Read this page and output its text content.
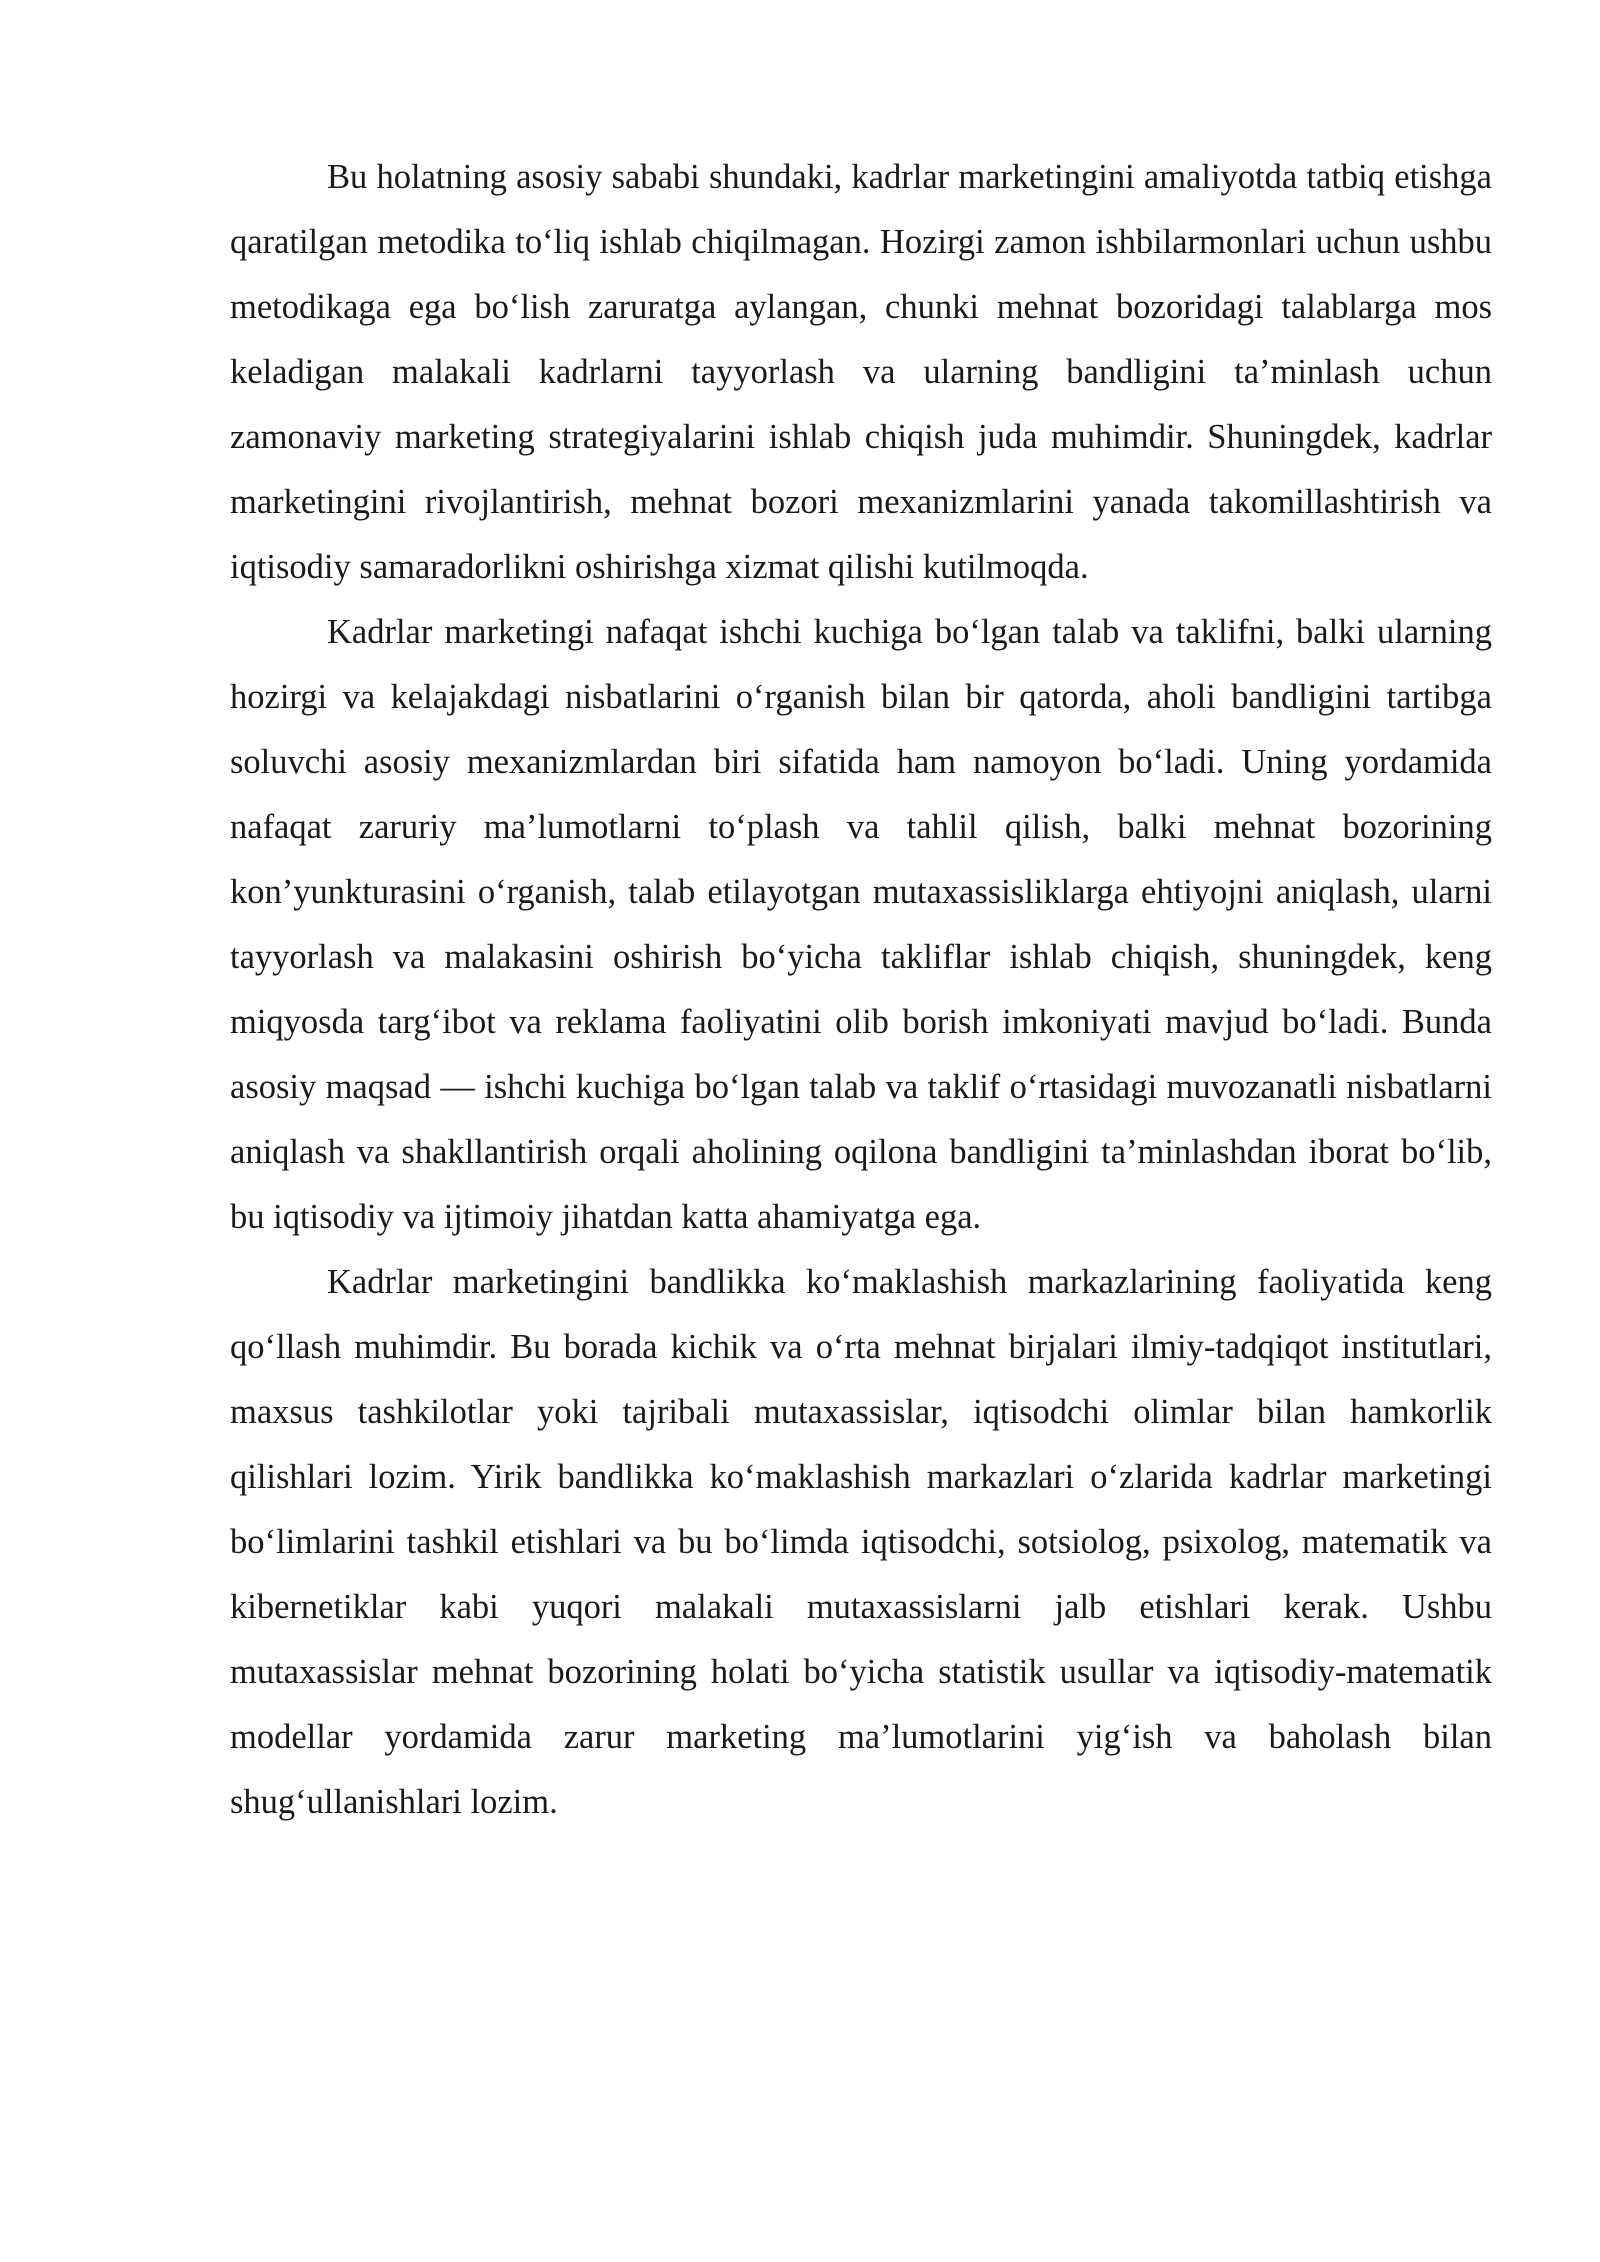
Bu holatning asosiy sababi shundaki, kadrlar marketingini amaliyotda tatbiq etishga qaratilgan metodika to‘liq ishlab chiqilmagan. Hozirgi zamon ishbilarmonlari uchun ushbu metodikaga ega bo‘lish zaruratga aylangan, chunki mehnat bozoridagi talablarga mos keladigan malakali kadrlarni tayyorlash va ularning bandligini ta’minlash uchun zamonaviy marketing strategiyalarini ishlab chiqish juda muhimdir. Shuningdek, kadrlar marketingini rivojlantirish, mehnat bozori mexanizmlarini yanada takomillashtirish va iqtisodiy samaradorlikni oshirishga xizmat qilishi kutilmoqda.

Kadrlar marketingi nafaqat ishchi kuchiga bo‘lgan talab va taklifni, balki ularning hozirgi va kelajakdagi nisbatlarini o‘rganish bilan bir qatorda, aholi bandligini tartibga soluvchi asosiy mexanizmlardan biri sifatida ham namoyon bo‘ladi. Uning yordamida nafaqat zaruriy ma’lumotlarni to‘plash va tahlil qilish, balki mehnat bozorining kon’yunkturasini o‘rganish, talab etilayotgan mutaxassisliklarga ehtiyojni aniqlash, ularni tayyorlash va malakasini oshirish bo‘yicha takliflar ishlab chiqish, shuningdek, keng miqyosda targ‘ibot va reklama faoliyatini olib borish imkoniyati mavjud bo‘ladi. Bunda asosiy maqsad — ishchi kuchiga bo‘lgan talab va taklif o‘rtasidagi muvozanatli nisbatlarni aniqlash va shakllantirish orqali aholining oqilona bandligini ta’minlashdan iborat bo‘lib, bu iqtisodiy va ijtimoiy jihatdan katta ahamiyatga ega.

Kadrlar marketingini bandlikka ko‘maklashish markazlarining faoliyatida keng qo‘llash muhimdir. Bu borada kichik va o‘rta mehnat birjalari ilmiy-tadqiqot institutlari, maxsus tashkilotlar yoki tajribali mutaxassislar, iqtisodchi olimlar bilan hamkorlik qilishlari lozim. Yirik bandlikka ko‘maklashish markazlari o‘zlarida kadrlar marketingi bo‘limlarini tashkil etishlari va bu bo‘limda iqtisodchi, sotsiolog, psixolog, matematik va kibernetiklar kabi yuqori malakali mutaxassislarni jalb etishlari kerak. Ushbu mutaxassislar mehnat bozorining holati bo‘yicha statistik usullar va iqtisodiy-matematik modellar yordamida zarur marketing ma’lumotlarini yig‘ish va baholash bilan shug‘ullanishlari lozim.
